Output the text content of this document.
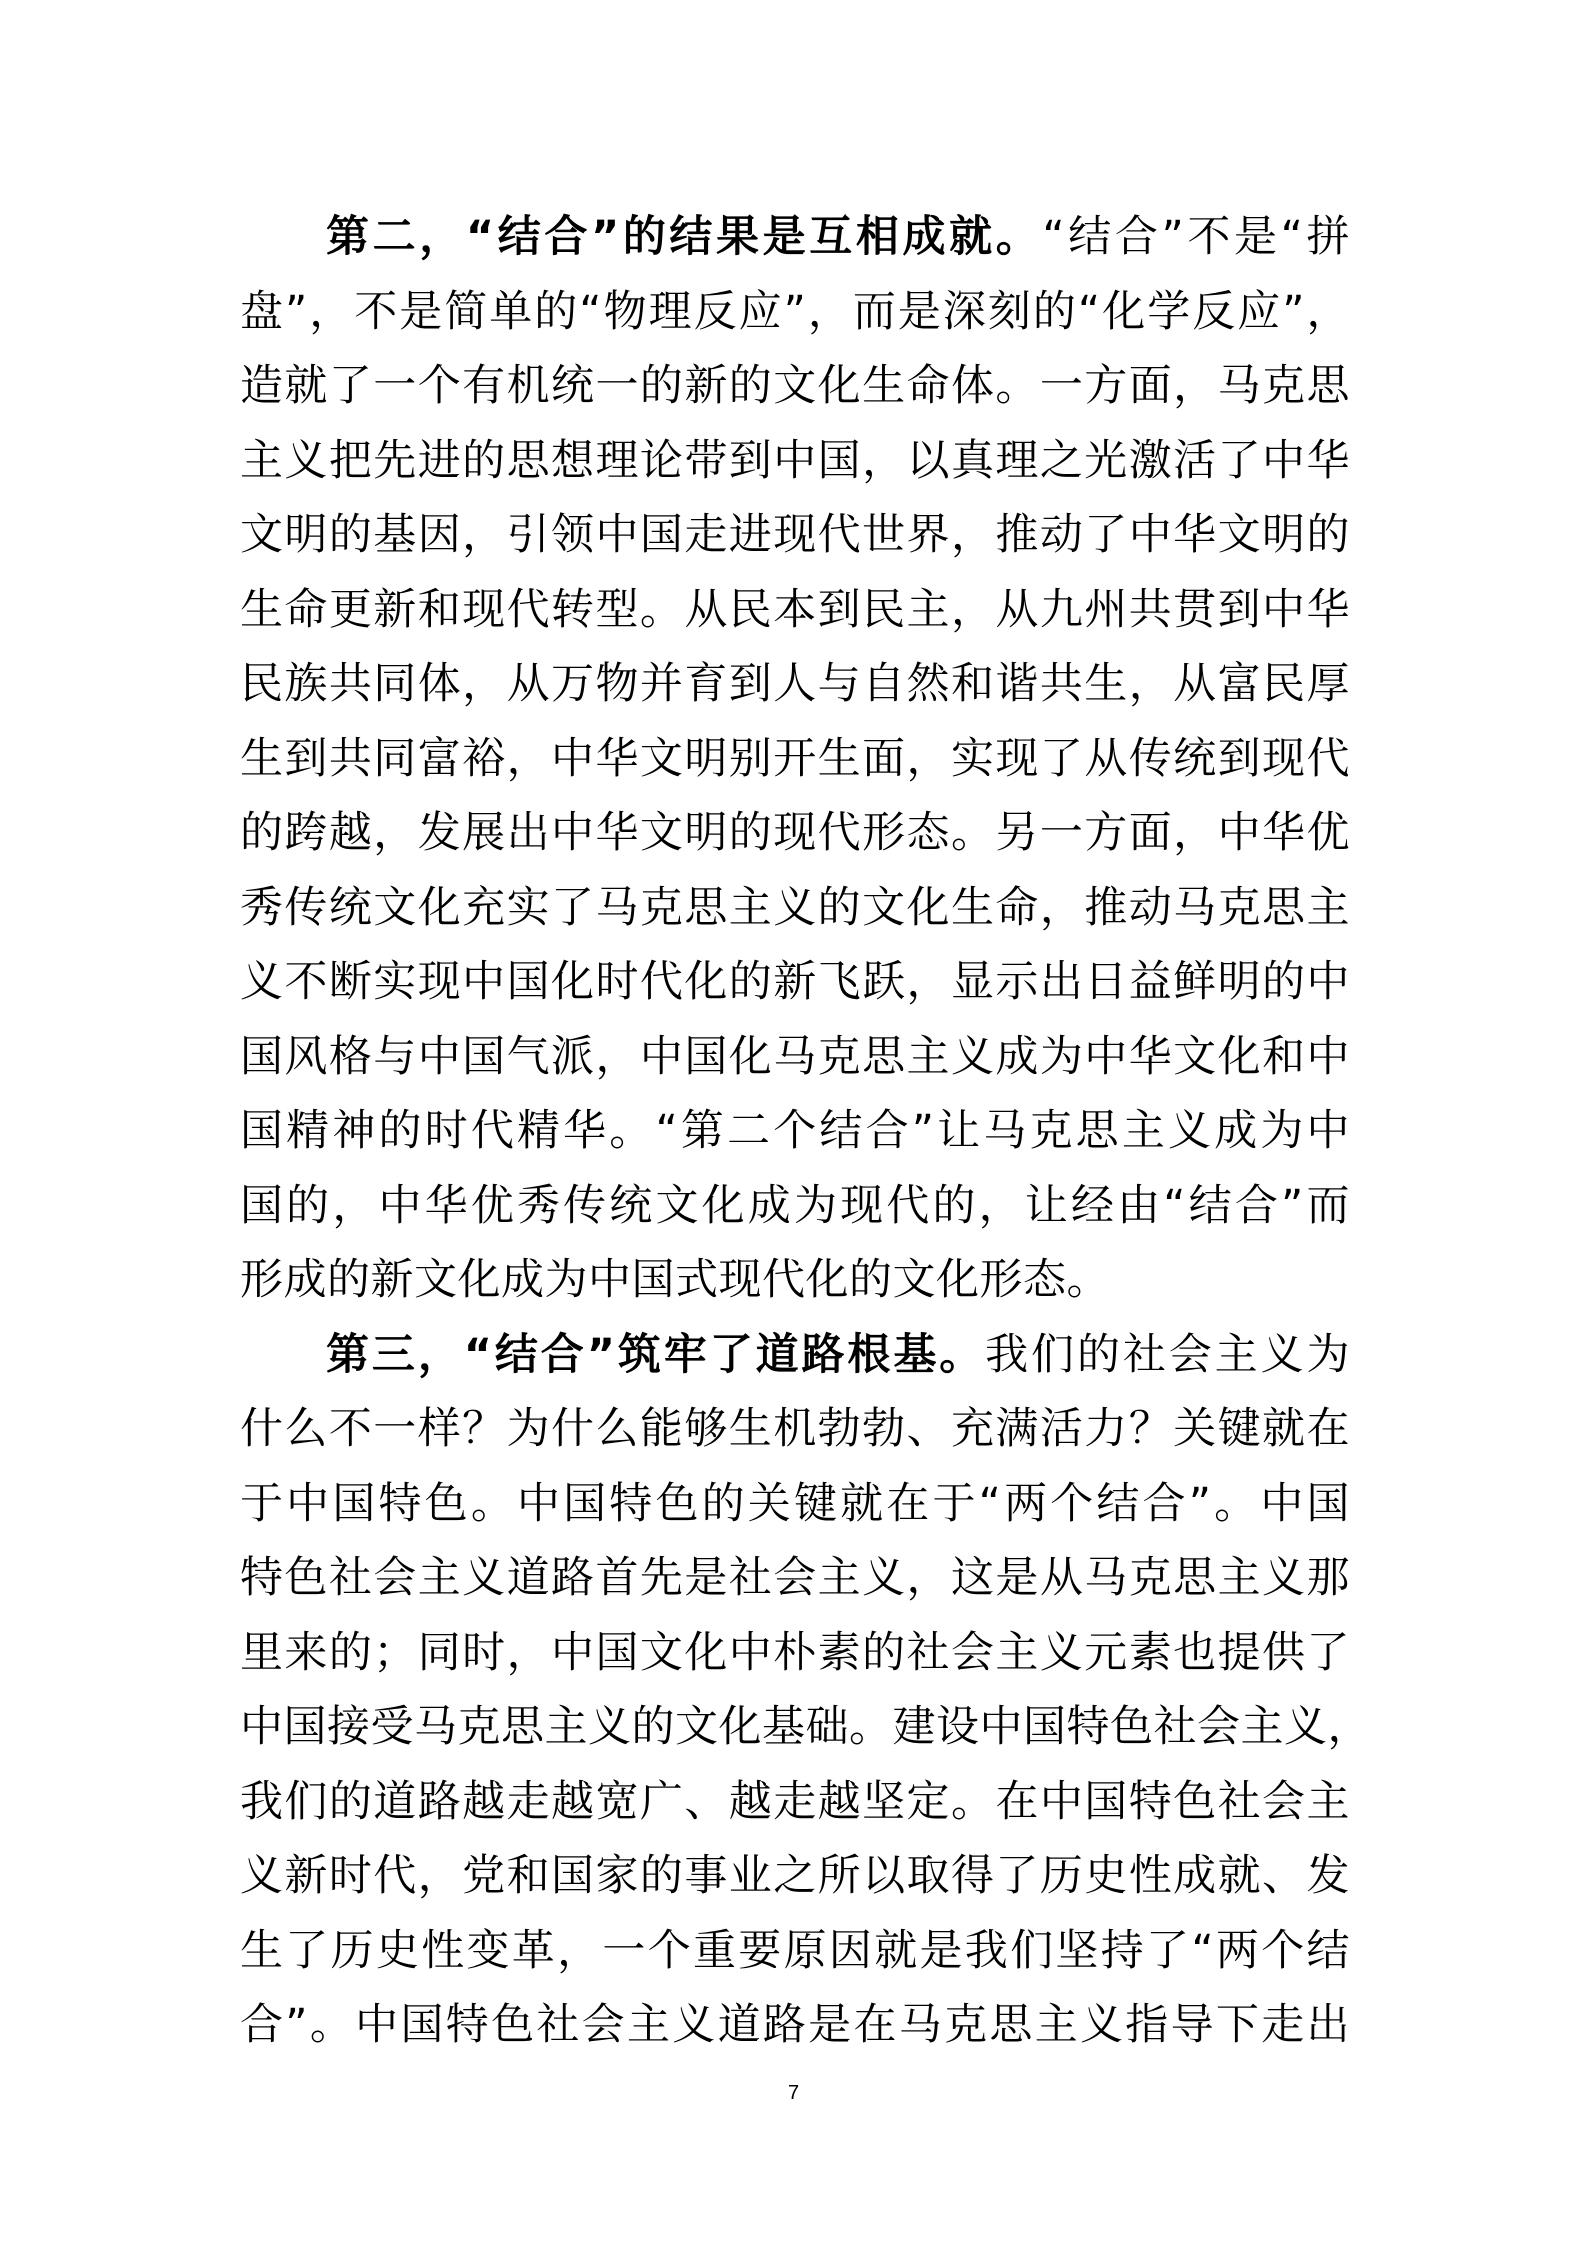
第二，“结合”的结果是互相成就。“结合”不是“拼
盘”，不是简单的“物理反应”，而是深刻的“化学反应”，
造就了一个有机统一的新的文化生命体。一方面，马克思
主义把先进的思想理论带到中国，以真理之光激活了中华
文明的基因，引领中国走进现代世界，推动了中华文明的
生命更新和现代转型。从民本到民主，从九州共贯到中华
民族共同体，从万物并育到人与自然和谐共生，从富民厚
生到共同富裕，中华文明别开生面，实现了从传统到现代
的跨越，发展出中华文明的现代形态。另一方面，中华优
秀传统文化充实了马克思主义的文化生命，推动马克思主
义不断实现中国化时代化的新飞跃，显示出日益鲜明的中
国风格与中国气派，中国化马克思主义成为中华文化和中
国精神的时代精华。“第二个结合”让马克思主义成为中
国的，中华优秀传统文化成为现代的，让经由“结合”而
形成的新文化成为中国式现代化的文化形态。
第三，“结合”筑牢了道路根基。我们的社会主义为
什么不一样？为什么能够生机勃勃、充满活力？关键就在
于中国特色。中国特色的关键就在于“两个结合”。中国
特色社会主义道路首先是社会主义，这是从马克思主义那
里来的；同时，中国文化中朴素的社会主义元素也提供了
中国接受马克思主义的文化基础。建设中国特色社会主义，
我们的道路越走越宽广、越走越坚定。在中国特色社会主
义新时代，党和国家的事业之所以取得了历史性成就、发
生了历史性变革，一个重要原因就是我们坚持了“两个结
合”。中国特色社会主义道路是在马克思主义指导下走出
7
